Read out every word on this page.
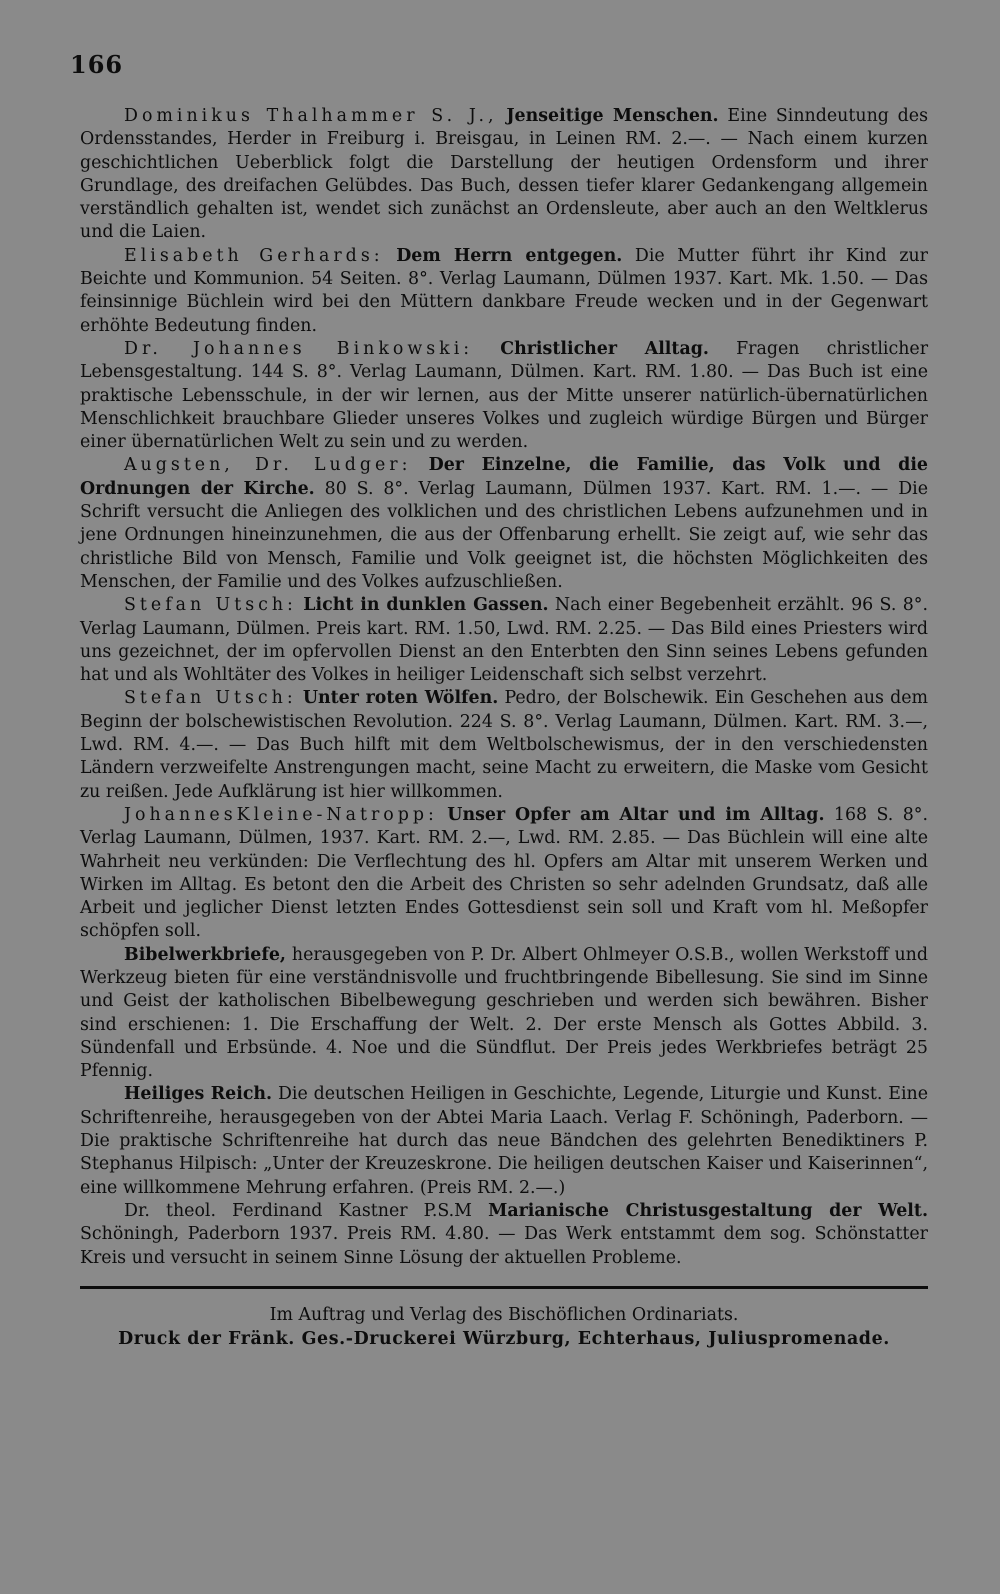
166

Dominikus Thalhammer S. J., Jenseitige Menschen. Eine Sinndeutung des Ordensstandes, Herder in Freiburg i. Breisgau, in Leinen RM. 2.—. — Nach einem kurzen geschichtlichen Ueberblick folgt die Darstellung der heutigen Ordensform und ihrer Grundlage, des dreifachen Gelübdes. Das Buch, dessen tiefer klarer Gedankengang allgemein verständlich gehalten ist, wendet sich zunächst an Ordensleute, aber auch an den Weltklerus und die Laien.

Elisabeth Gerhards: Dem Herrn entgegen. Die Mutter führt ihr Kind zur Beichte und Kommunion. 54 Seiten. 8°. Verlag Laumann, Dülmen 1937. Kart. Mk. 1.50. — Das feinsinnige Büchlein wird bei den Müttern dankbare Freude wecken und in der Gegenwart erhöhte Bedeutung finden.

Dr. Johannes Binkowski: Christlicher Alltag. Fragen christlicher Lebensgestaltung. 144 S. 8°. Verlag Laumann, Dülmen. Kart. RM. 1.80. — Das Buch ist eine praktische Lebensschule, in der wir lernen, aus der Mitte unserer natürlich-übernatürlichen Menschlichkeit brauchbare Glieder unseres Volkes und zugleich würdige Bürgen und Bürger einer übernatürlichen Welt zu sein und zu werden.

Augsten, Dr. Ludger: Der Einzelne, die Familie, das Volk und die Ordnungen der Kirche. 80 S. 8°. Verlag Laumann, Dülmen 1937. Kart. RM. 1.—. — Die Schrift versucht die Anliegen des volklichen und des christlichen Lebens aufzunehmen und in jene Ordnungen hineinzunehmen, die aus der Offenbarung erhellt. Sie zeigt auf, wie sehr das christliche Bild von Mensch, Familie und Volk geeignet ist, die höchsten Möglichkeiten des Menschen, der Familie und des Volkes aufzuschließen.

Stefan Utsch: Licht in dunklen Gassen. Nach einer Begebenheit erzählt. 96 S. 8°. Verlag Laumann, Dülmen. Preis kart. RM. 1.50, Lwd. RM. 2.25. — Das Bild eines Priesters wird uns gezeichnet, der im opfervollen Dienst an den Enterbten den Sinn seines Lebens gefunden hat und als Wohltäter des Volkes in heiliger Leidenschaft sich selbst verzehrt.

Stefan Utsch: Unter roten Wölfen. Pedro, der Bolschewik. Ein Geschehen aus dem Beginn der bolschewistischen Revolution. 224 S. 8°. Verlag Laumann, Dülmen. Kart. RM. 3.—, Lwd. RM. 4.—. — Das Buch hilft mit dem Weltbolschewismus, der in den verschiedensten Ländern verzweifelte Anstrengungen macht, seine Macht zu erweitern, die Maske vom Gesicht zu reißen. Jede Aufklärung ist hier willkommen.

JohannesKleine-Natropp: Unser Opfer am Altar und im Alltag. 168 S. 8°. Verlag Laumann, Dülmen, 1937. Kart. RM. 2.—, Lwd. RM. 2.85. — Das Büchlein will eine alte Wahrheit neu verkünden: Die Verflechtung des hl. Opfers am Altar mit unserem Werken und Wirken im Alltag. Es betont den die Arbeit des Christen so sehr adelnden Grundsatz, daß alle Arbeit und jeglicher Dienst letzten Endes Gottesdienst sein soll und Kraft vom hl. Meßopfer schöpfen soll.

Bibelwerkbriefe, herausgegeben von P. Dr. Albert Ohlmeyer O.S.B., wollen Werkstoff und Werkzeug bieten für eine verständnisvolle und fruchtbringende Bibellesung. Sie sind im Sinne und Geist der katholischen Bibelbewegung geschrieben und werden sich bewähren. Bisher sind erschienen: 1. Die Erschaffung der Welt. 2. Der erste Mensch als Gottes Abbild. 3. Sündenfall und Erbsünde. 4. Noe und die Sündflut. Der Preis jedes Werkbriefes beträgt 25 Pfennig.

Heiliges Reich. Die deutschen Heiligen in Geschichte, Legende, Liturgie und Kunst. Eine Schriftenreihe, herausgegeben von der Abtei Maria Laach. Verlag F. Schöningh, Paderborn. — Die praktische Schriftenreihe hat durch das neue Bändchen des gelehrten Benediktiners P. Stephanus Hilpisch: „Unter der Kreuzeskrone. Die heiligen deutschen Kaiser und Kaiserinnen“, eine willkommene Mehrung erfahren. (Preis RM. 2.—.)

Dr. theol. Ferdinand Kastner P.S.M Marianische Christusgestaltung der Welt. Schöningh, Paderborn 1937. Preis RM. 4.80. — Das Werk entstammt dem sog. Schönstatter Kreis und versucht in seinem Sinne Lösung der aktuellen Probleme.

Im Auftrag und Verlag des Bischöflichen Ordinariats.
Druck der Fränk. Ges.-Druckerei Würzburg, Echterhaus, Juliuspromenade.
